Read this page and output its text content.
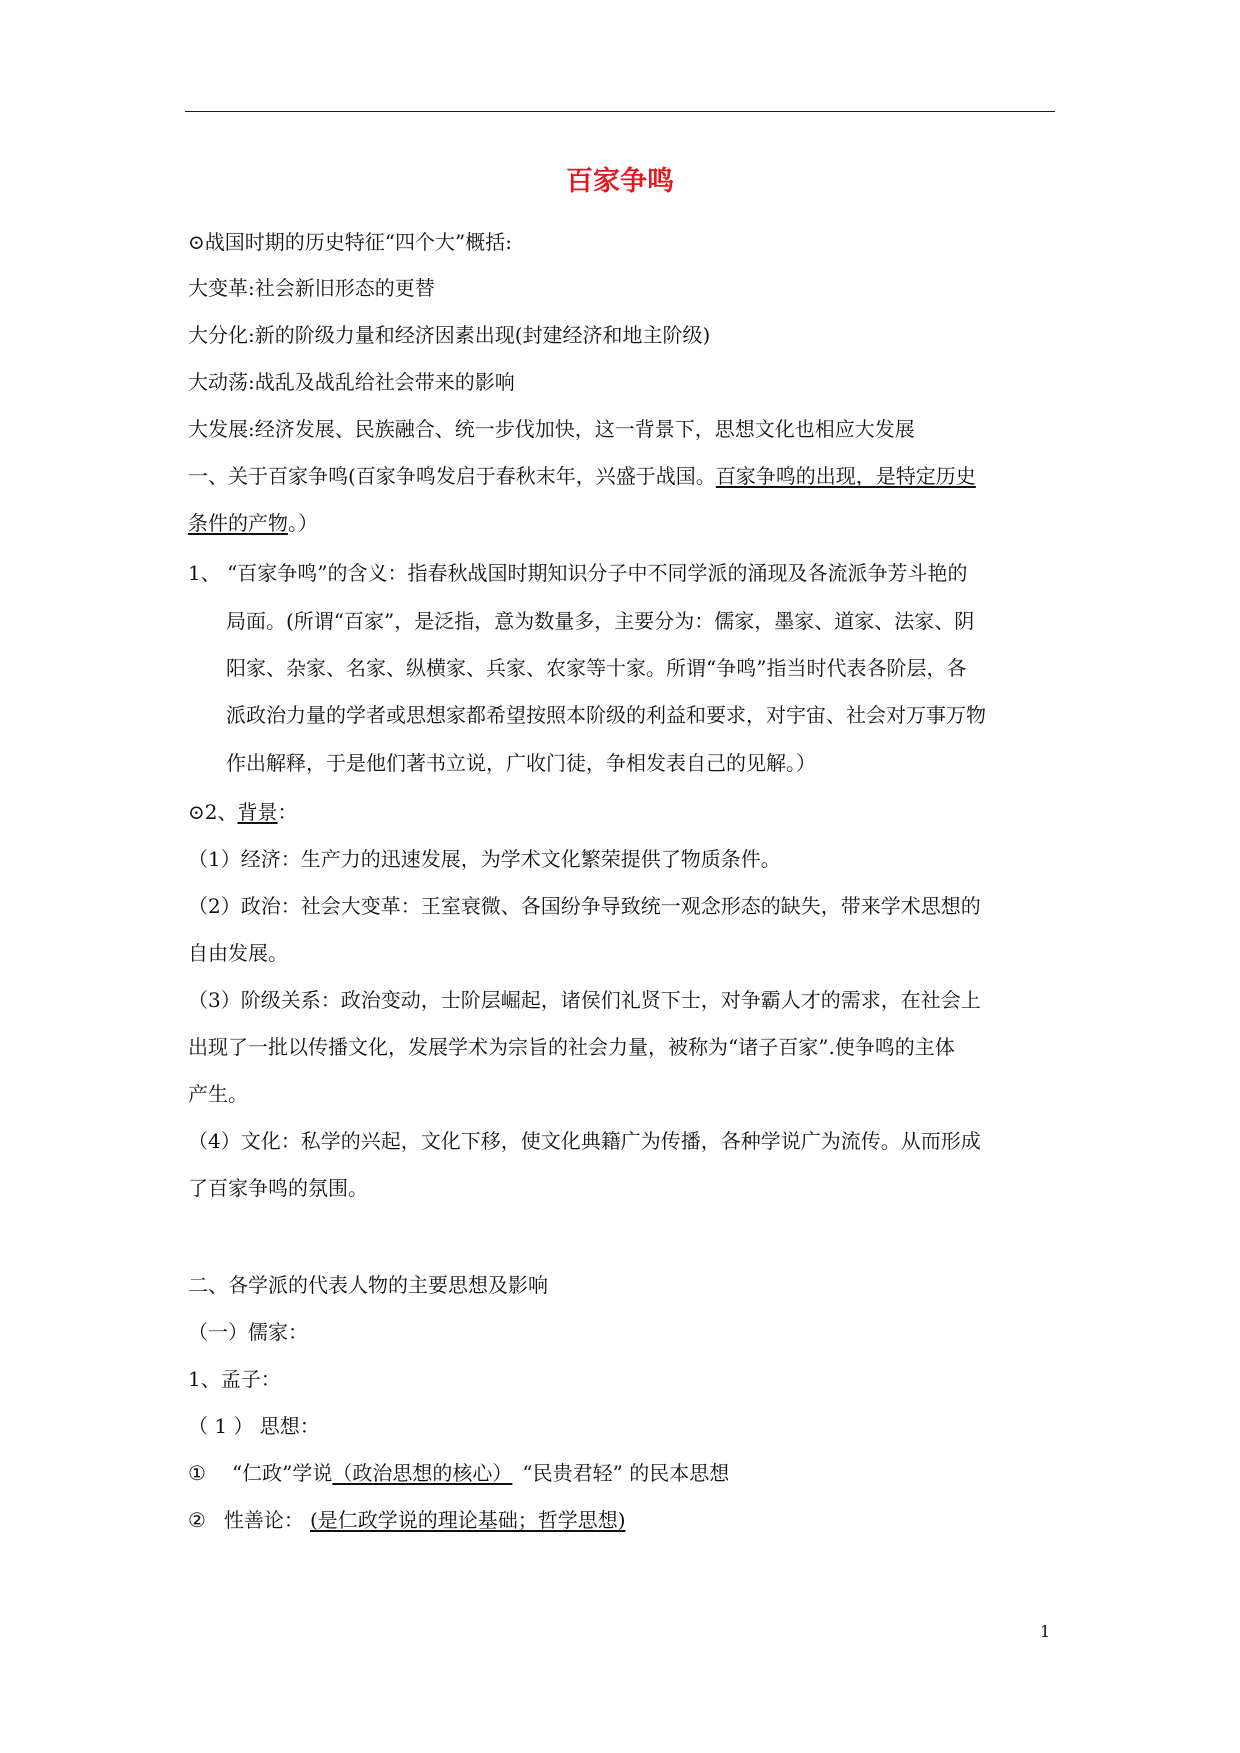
百家争鸣
⊙战国时期的历史特征“四个大”概括:
大变革:社会新旧形态的更替
大分化:新的阶级力量和经济因素出现(封建经济和地主阶级)
大动荡:战乱及战乱给社会带来的影响
大发展:经济发展、民族融合、统一步伐加快，这一背景下，思想文化也相应大发展
一、关于百家争鸣(百家争鸣发启于春秋末年，兴盛于战国。百家争鸣的出现，是特定历史
条件的产物。）
1、 “百家争鸣”的含义：指春秋战国时期知识分子中不同学派的涌现及各流派争芳斗艳的
局面。(所谓“百家”，是泛指，意为数量多，主要分为：儒家，墨家、道家、法家、阴
阳家、杂家、名家、纵横家、兵家、农家等十家。所谓“争鸣”指当时代表各阶层，各
派政治力量的学者或思想家都希望按照本阶级的利益和要求，对宇宙、社会对万事万物
作出解释，于是他们著书立说，广收门徒，争相发表自己的见解。）
⊙2、背景：
（1）经济：生产力的迅速发展，为学术文化繁荣提供了物质条件。
（2）政治：社会大变革：王室衰微、各国纷争导致统一观念形态的缺失，带来学术思想的
自由发展。
（3）阶级关系：政治变动，士阶层崛起，诸侯们礼贤下士，对争霸人才的需求，在社会上
出现了一批以传播文化，发展学术为宗旨的社会力量，被称为“诸子百家”.使争鸣的主体
产生。
（4）文化：私学的兴起，文化下移，使文化典籍广为传播，各种学说广为流传。从而形成
了百家争鸣的氛围。
二、各学派的代表人物的主要思想及影响
（一）儒家：
1、孟子：
（ 1 ） 思想：
① “仁政”学说（政治思想的核心） “民贵君轻” 的民本思想
② 性善论： (是仁政学说的理论基础；哲学思想)
1
